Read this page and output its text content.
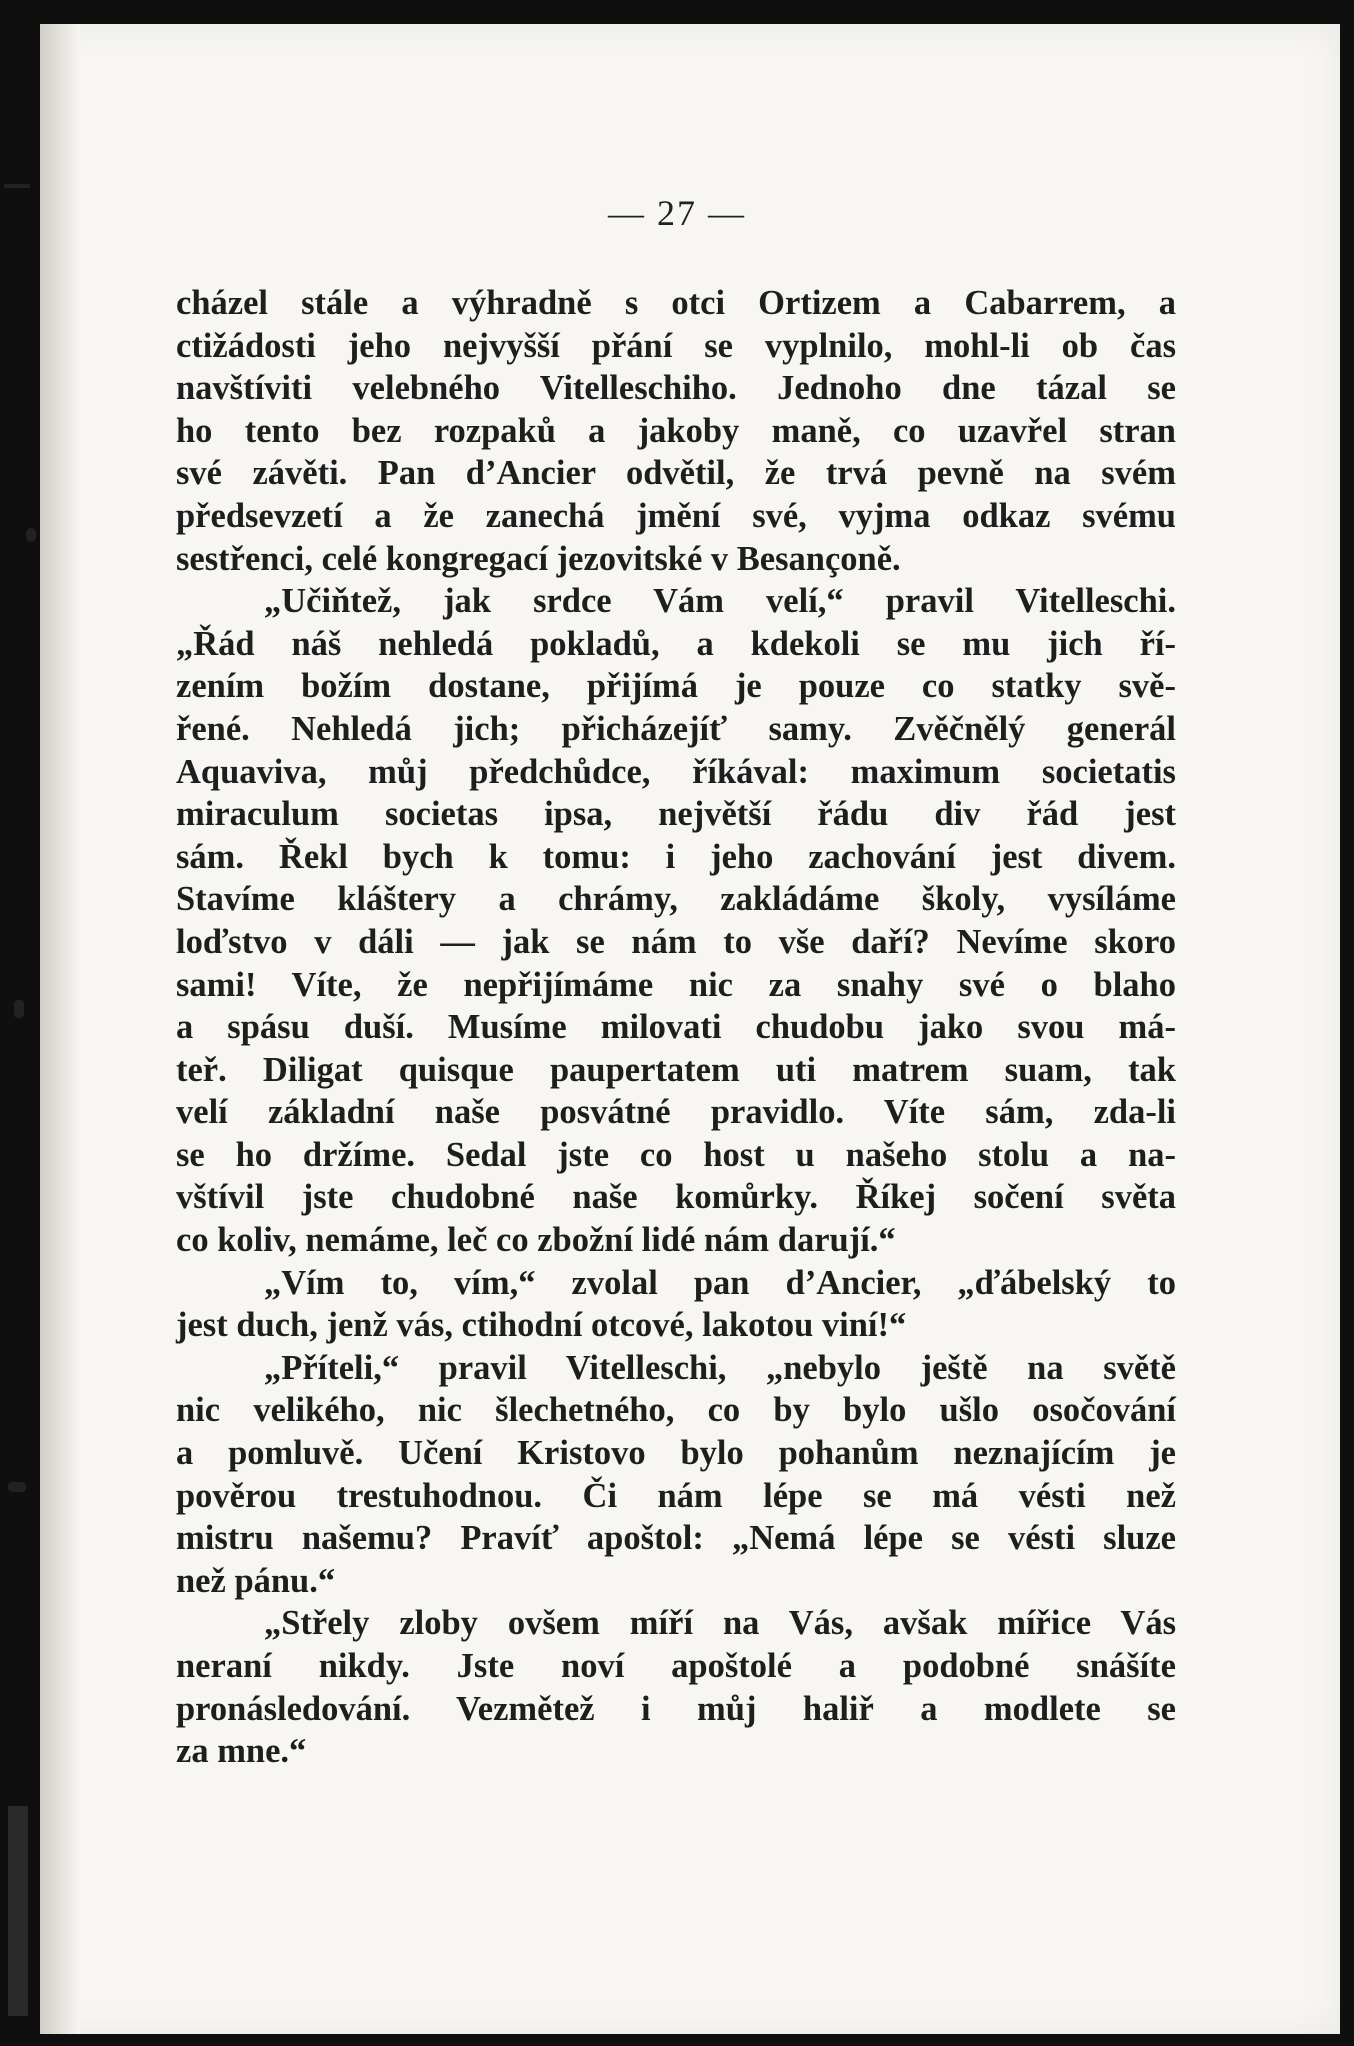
— 27 —
cházel stále a výhradně s otci Ortizem a Cabarrem, a
ctižádosti jeho nejvyšší přání se vyplnilo, mohl-li ob čas
navštíviti velebného Vitelleschiho. Jednoho dne tázal se
ho tento bez rozpaků a jakoby maně, co uzavřel stran
své závěti. Pan d’Ancier odvětil, že trvá pevně na svém
předsevzetí a že zanechá jmění své, vyjma odkaz svému
sestřenci, celé kongregací jezovitské v Besançoně.
„Učiňtež, jak srdce Vám velí,“ pravil Vitelleschi.
„Řád náš nehledá pokladů, a kdekoli se mu jich ří-
zením božím dostane, přijímá je pouze co statky svě-
řené. Nehledá jich; přicházejíť samy. Zvěčnělý generál
Aquaviva, můj předchůdce, říkával: maximum societatis
miraculum societas ipsa, největší řádu div řád jest
sám. Řekl bych k tomu: i jeho zachování jest divem.
Stavíme kláštery a chrámy, zakládáme školy, vysíláme
loďstvo v dáli — jak se nám to vše daří? Nevíme skoro
sami! Víte, že nepřijímáme nic za snahy své o blaho
a spásu duší. Musíme milovati chudobu jako svou má-
teř. Diligat quisque paupertatem uti matrem suam, tak
velí základní naše posvátné pravidlo. Víte sám, zda-li
se ho držíme. Sedal jste co host u našeho stolu a na-
vštívil jste chudobné naše komůrky. Říkej sočení světa
co koliv, nemáme, leč co zbožní lidé nám darují.“
„Vím to, vím,“ zvolal pan d’Ancier, „ďábelský to
jest duch, jenž vás, ctihodní otcové, lakotou viní!“
„Příteli,“ pravil Vitelleschi, „nebylo ještě na světě
nic velikého, nic šlechetného, co by bylo ušlo osočování
a pomluvě. Učení Kristovo bylo pohanům neznajícím je
pověrou trestuhodnou. Či nám lépe se má vésti než
mistru našemu? Pravíť apoštol: „Nemá lépe se vésti sluze
než pánu.“
„Střely zloby ovšem míří na Vás, avšak mířice Vás
neraní nikdy. Jste noví apoštolé a podobné snášíte
pronásledování. Vezmětež i můj haliř a modlete se
za mne.“
